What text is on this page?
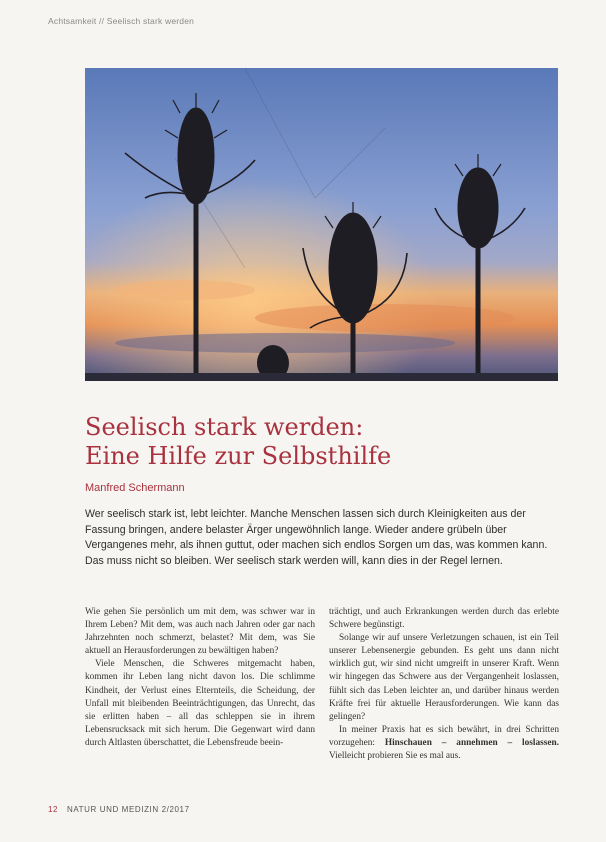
Achtsamkeit // Seelisch stark werden
Seelisch stark werden:
Eine Hilfe zur Selbsthilfe
Manfred Schermann

Wer seelisch stark ist, lebt leichter. Manche Menschen lassen sich durch Kleinigkeiten aus der Fassung bringen, andere belaster Ärger ungewöhnlich lange. Wieder andere grübeln über Vergangenes mehr, als ihnen guttut, oder machen sich endlos Sorgen um das, was kommen kann. Das muss nicht so bleiben. Wer seelisch stark werden will, kann dies in der Regel lernen.

Wie gehen Sie persönlich um mit dem, was schwer war in Ihrem Leben? Mit dem, was auch nach Jahren oder gar nach Jahrzehnten noch schmerzt, belastet? Mit dem, was Sie aktuell an Herausforderungen zu bewältigen haben?

Viele Menschen, die Schweres mitgemacht haben, kommen ihr Leben lang nicht davon los. Die schlimme Kindheit, der Verlust eines Elternteils, die Scheidung, der Unfall mit bleibenden Beeinträchtigungen, das Unrecht, das sie erlitten haben – all das schleppen sie in ihrem Lebensrucksack mit sich herum. Die Gegenwart wird dann durch Altlasten überschattet, die Lebensfreude beein-

trächtigt, und auch Erkrankungen werden durch das erlebte Schwere begünstigt.

Solange wir auf unsere Verletzungen schauen, ist ein Teil unserer Lebensenergie gebunden. Es geht uns dann nicht wirklich gut, wir sind nicht umgreift in unserer Kraft. Wenn wir hingegen das Schwere aus der Vergangenheit loslassen, fühlt sich das Leben leichter an, und darüber hinaus werden Kräfte frei für aktuelle Herausforderungen. Wie kann das gelingen?

In meiner Praxis hat es sich bewährt, in drei Schritten vorzugehen: Hinschauen – annehmen – loslassen. Vielleicht probieren Sie es mal aus.

12 NATUR UND MEDIZIN 2/2017
